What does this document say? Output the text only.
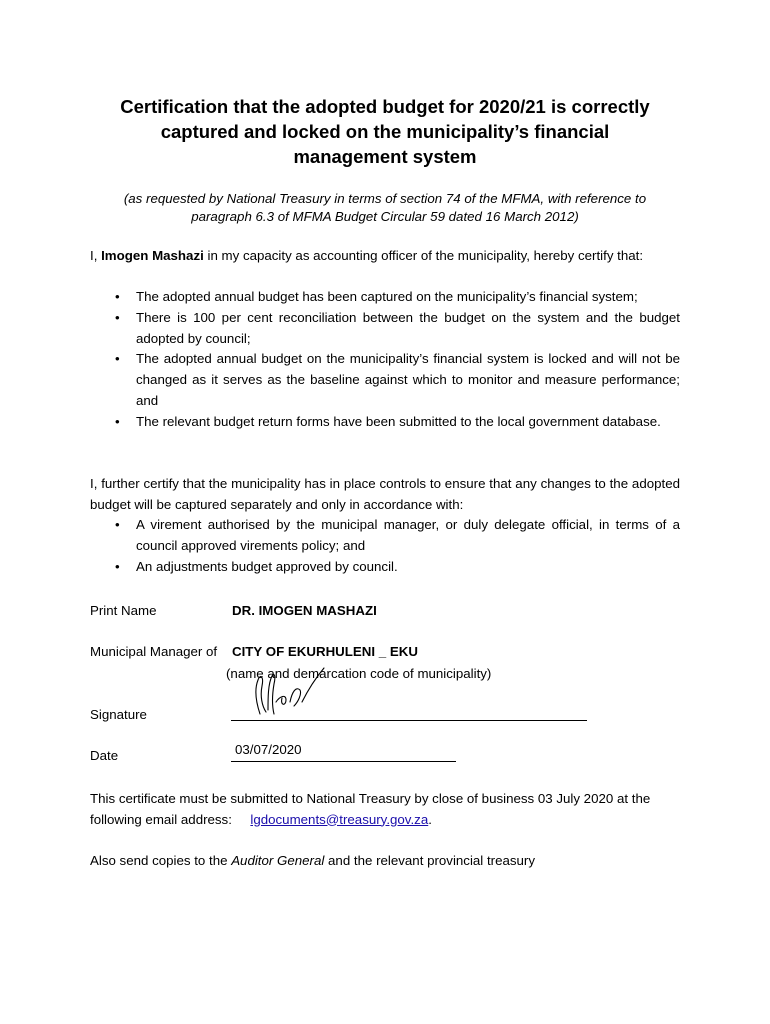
Certification that the adopted budget for 2020/21 is correctly
captured and locked on the municipality’s financial
management system
(as requested by National Treasury in terms of section 74 of the MFMA, with reference to
paragraph 6.3 of MFMA Budget Circular 59 dated 16 March 2012)
I, Imogen Mashazi in my capacity as accounting officer of the municipality, hereby certify that:
• The adopted annual budget has been captured on the municipality’s financial system;
• There is 100 per cent reconciliation between the budget on the system and the budget adopted by council;
• The adopted annual budget on the municipality’s financial system is locked and will not be changed as it serves as the baseline against which to monitor and measure performance; and
• The relevant budget return forms have been submitted to the local government database.
I, further certify that the municipality has in place controls to ensure that any changes to the adopted budget will be captured separately and only in accordance with:
• A virement authorised by the municipal manager, or duly delegate official, in terms of a council approved virements policy; and
• An adjustments budget approved by council.
Print Name	DR. IMOGEN MASHAZI
Municipal Manager of CITY OF EKURHULENI _ EKU
(name and demarcation code of municipality)
Signature
Date	03/07/2020
This certificate must be submitted to National Treasury by close of business 03 July 2020 at the
following email address: lgdocuments@treasury.gov.za.
Also send copies to the Auditor General and the relevant provincial treasury
